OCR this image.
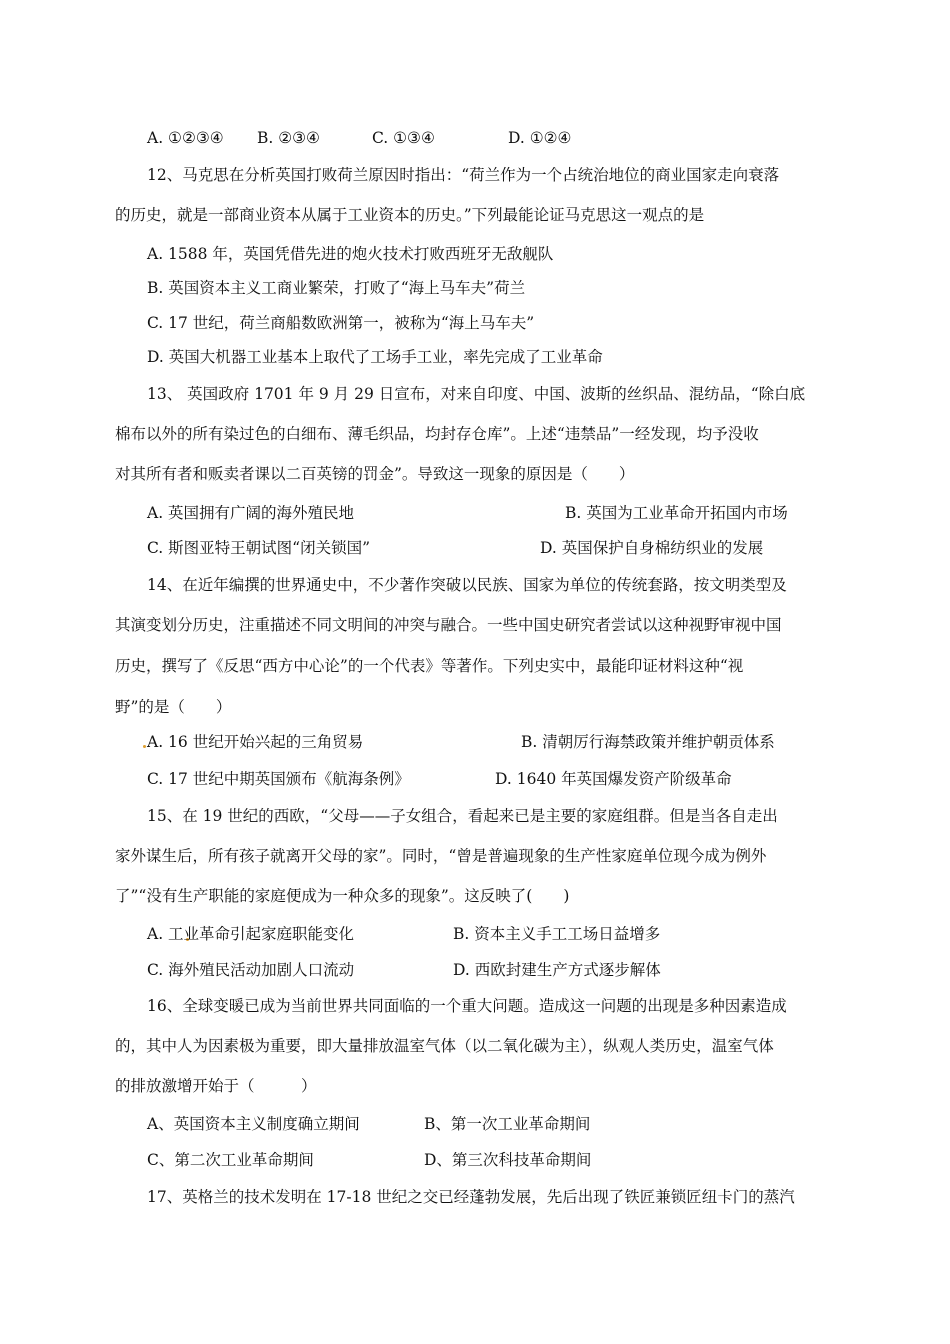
A. ①②③④ B. ②③④	C. ①③④	D. ①②④
12、马克思在分析英国打败荷兰原因时指出：“荷兰作为一个占统治地位的商业国家走向衰落
的历史，就是一部商业资本从属于工业资本的历史。”下列最能论证马克思这一观点的是
A. 1588 年，英国凭借先进的炮火技术打败西班牙无敌舰队
B. 英国资本主义工商业繁荣，打败了“海上马车夫”荷兰
C. 17 世纪，荷兰商船数欧洲第一，被称为“海上马车夫”
D. 英国大机器工业基本上取代了工场手工业，率先完成了工业革命
13、 英国政府 1701 年 9 月 29 日宣布，对来自印度、中国、波斯的丝织品、混纺品，“除白底
棉布以外的所有染过色的白细布、薄毛织品，均封存仓库”。上述“违禁品”一经发现，均予没收
对其所有者和贩卖者课以二百英镑的罚金”。导致这一现象的原因是（　　）
A. 英国拥有广阔的海外殖民地	B. 英国为工业革命开拓国内市场
C. 斯图亚特王朝试图“闭关锁国”	D. 英国保护自身棉纺织业的发展
14、在近年编撰的世界通史中，不少著作突破以民族、国家为单位的传统套路，按文明类型及
其演变划分历史，注重描述不同文明间的冲突与融合。一些中国史研究者尝试以这种视野审视中国
历史，撰写了《反思“西方中心论”的一个代表》等著作。下列史实中，最能印证材料这种“视
野”的是（　　）
A. 16 世纪开始兴起的三角贸易	B. 清朝厉行海禁政策并维护朝贡体系
C. 17 世纪中期英国颁布《航海条例》	D. 1640 年英国爆发资产阶级革命
15、在 19 世纪的西欧，“父母——子女组合，看起来已是主要的家庭组群。但是当各自走出
家外谋生后，所有孩子就离开父母的家”。同时，“曾是普遍现象的生产性家庭单位现今成为例外
了”“没有生产职能的家庭便成为一种众多的现象”。这反映了(　　)
A. 工业革命引起家庭职能变化	B. 资本主义手工工场日益增多
C. 海外殖民活动加剧人口流动	D. 西欧封建生产方式逐步解体
16、全球变暖已成为当前世界共同面临的一个重大问题。造成这一问题的出现是多种因素造成
的，其中人为因素极为重要，即大量排放温室气体（以二氧化碳为主），纵观人类历史，温室气体
的排放激增开始于（　　　）
A、英国资本主义制度确立期间	B、第一次工业革命期间
C、第二次工业革命期间	D、第三次科技革命期间
17、英格兰的技术发明在 17-18 世纪之交已经蓬勃发展，先后出现了铁匠兼锁匠纽卡门的蒸汽
